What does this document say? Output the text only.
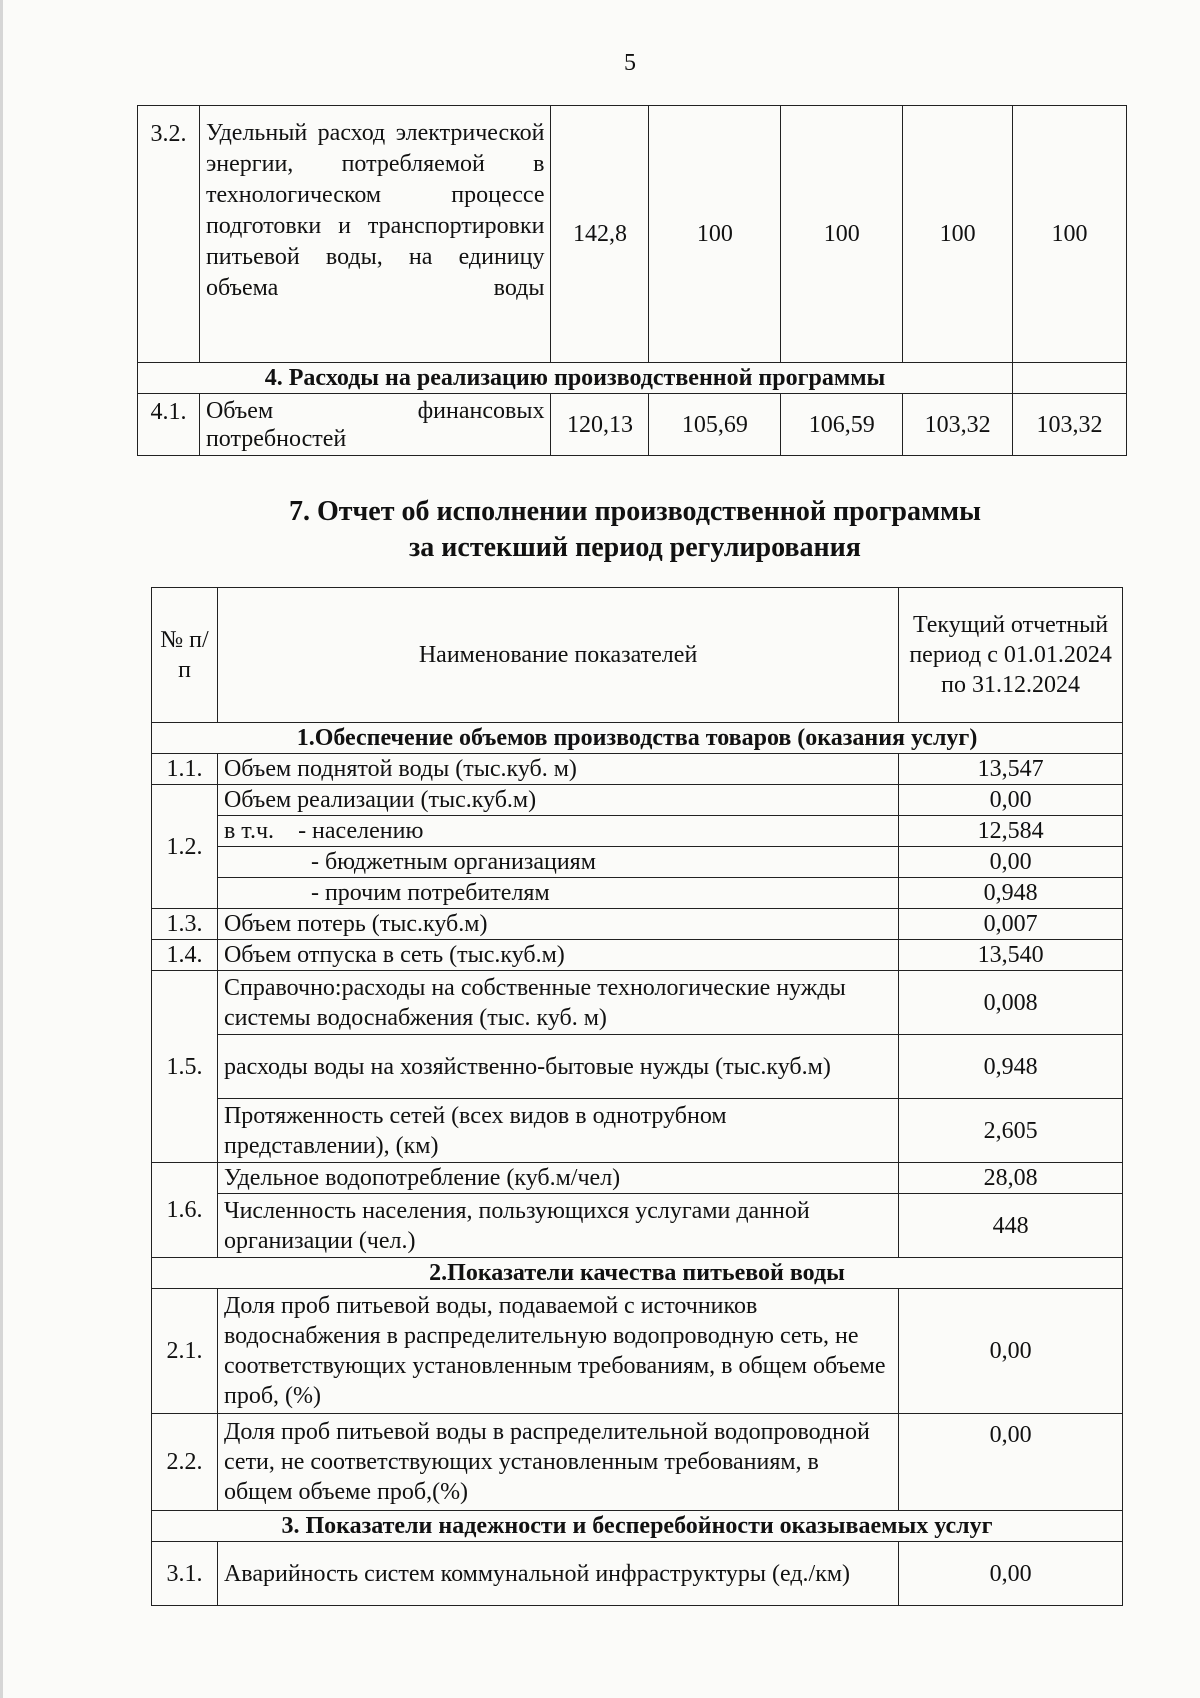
5
3.2.	Удельный расход электрической энергии, потребляемой в технологическом процессе подготовки и транспортировки питьевой воды, на единицу объема воды	142,8	100	100	100	100
4. Расходы на реализацию производственной программы						
4.1.	Объем финансовых потребностей	120,13	105,69	106,59	103,32	103,32
7. Отчет об исполнении производственной программы
за истекший период регулирования
№ п/п	Наименование показателей	Текущий отчетный период с 01.01.2024 по 31.12.2024
1.Обеспечение объемов производства товаров (оказания услуг)		
1.1.	Объем поднятой воды (тыс.куб. м)	13,547
1.2.	Объем реализации (тыс.куб.м)	0,00
	в т.ч. - населению	12,584
	- бюджетным организациям	0,00
	- прочим потребителям	0,948
1.3.	Объем потерь (тыс.куб.м)	0,007
1.4.	Объем отпуска в сеть (тыс.куб.м)	13,540
1.5.	Справочно:расходы на собственные технологические нужды системы водоснабжения (тыс. куб. м)	0,008
	расходы воды на хозяйственно-бытовые нужды (тыс.куб.м)	0,948
	Протяженность сетей (всех видов в однотрубном представлении), (км)	2,605
1.6.	Удельное водопотребление (куб.м/чел)	28,08
	Численность населения, пользующихся услугами данной организации (чел.)	448
2.Показатели качества питьевой воды		
2.1.	Доля проб питьевой воды, подаваемой с источников водоснабжения в распределительную водопроводную сеть, не соответствующих установленным требованиям, в общем объеме проб, (%)	0,00
2.2.	Доля проб питьевой воды в распределительной водопроводной сети, не соответствующих установленным требованиям, в общем объеме проб,(%)	0,00
3. Показатели надежности и бесперебойности оказываемых услуг		
3.1.	Аварийность систем коммунальной инфраструктуры (ед./км)	0,00
